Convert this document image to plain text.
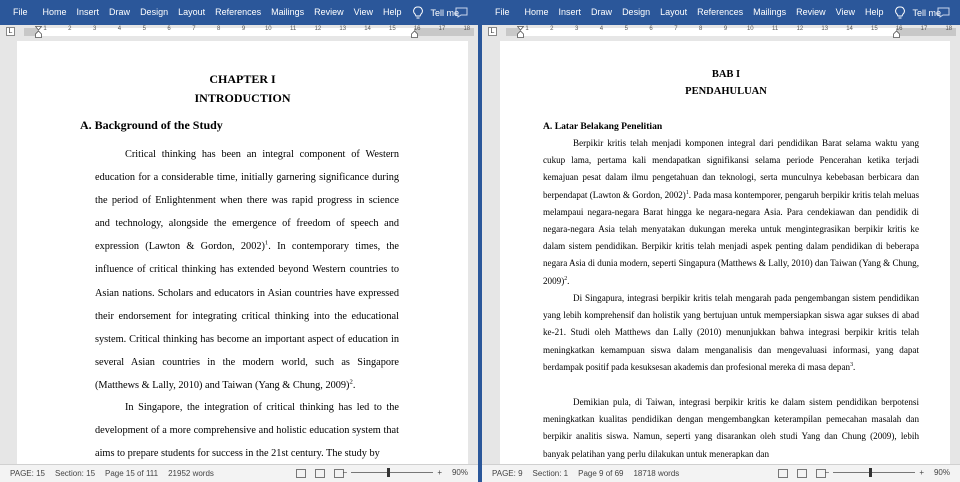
File	Home	Insert	Draw	Design	Layout	References	Mailings	Review	View	Help	Tell me
L	1	2	3	4	5	6	7	8	9	10	11	12	13	14	15	16	17	18
CHAPTER I
INTRODUCTION
A. Background of the Study
Critical thinking has been an integral component of Western education for a considerable time, initially garnering significance during the period of Enlightenment when there was rapid progress in science and technology, alongside the emergence of freedom of speech and expression (Lawton & Gordon, 2002)$^1$. In contemporary times, the influence of critical thinking has extended beyond Western countries to Asian nations. Scholars and educators in Asian countries have expressed their endorsement for integrating critical thinking into the educational system. Critical thinking has become an important aspect of education in several Asian countries in the modern world, such as Singapore (Matthews & Lally, 2010) and Taiwan (Yang & Chung, 2009)$^2$.
In Singapore, the integration of critical thinking has led to the development of a more comprehensive and holistic education system that aims to prepare students for success in the 21st century. The study by
PAGE: 15 Section: 15 Page 15 of 111 21952 words	−	+ 90%
File	Home	Insert	Draw	Design	Layout	References	Mailings	Review	View	Help	Tell me
L	1	2	3	4	5	6	7	8	9	10	11	12	13	14	15	16	17	18
BAB I
PENDAHULUAN
A. Latar Belakang Penelitian
Berpikir kritis telah menjadi komponen integral dari pendidikan Barat selama waktu yang cukup lama, pertama kali mendapatkan signifikansi selama periode Pencerahan ketika terjadi kemajuan pesat dalam ilmu pengetahuan dan teknologi, serta munculnya kebebasan berbicara dan berpendapat (Lawton & Gordon, 2002)$^1$. Pada masa kontemporer, pengaruh berpikir kritis telah meluas melampaui negara-negara Barat hingga ke negara-negara Asia. Para cendekiawan dan pendidik di negara-negara Asia telah menyatakan dukungan mereka untuk mengintegrasikan berpikir kritis ke dalam sistem pendidikan. Berpikir kritis telah menjadi aspek penting dalam pendidikan di beberapa negara Asia di dunia modern, seperti Singapura (Matthews & Lally, 2010) dan Taiwan (Yang & Chung, 2009)$^2$.
Di Singapura, integrasi berpikir kritis telah mengarah pada pengembangan sistem pendidikan yang lebih komprehensif dan holistik yang bertujuan untuk mempersiapkan siswa agar sukses di abad ke-21. Studi oleh Matthews dan Lally (2010) menunjukkan bahwa integrasi berpikir kritis telah meningkatkan kemampuan siswa dalam menganalisis dan mengevaluasi informasi, yang dapat berdampak positif pada kesuksesan akademis dan profesional mereka di masa depan$^3$.
Demikian pula, di Taiwan, integrasi berpikir kritis ke dalam sistem pendidikan berpotensi meningkatkan kualitas pendidikan dengan mengembangkan keterampilan pemecahan masalah dan berpikir analitis siswa. Namun, seperti yang disarankan oleh studi Yang dan Chung (2009), lebih banyak pelatihan yang perlu dilakukan untuk menerapkan dan
PAGE: 9 Section: 1 Page 9 of 69 18718 words	−	+ 90%
